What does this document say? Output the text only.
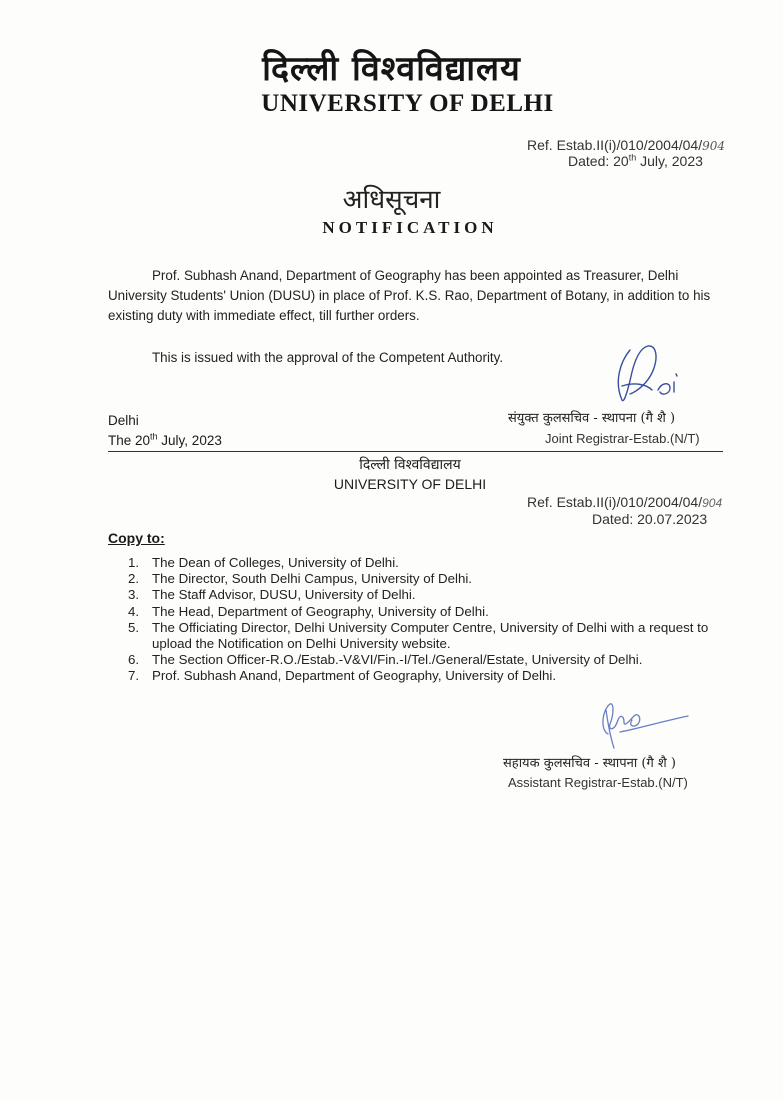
दिल्ली विश्वविद्यालय
UNIVERSITY OF DELHI
Ref. Estab.II(i)/010/2004/04/904
Dated: 20th July, 2023
अधिसूचना
NOTIFICATION

Prof. Subhash Anand, Department of Geography has been appointed as Treasurer, Delhi University Students' Union (DUSU) in place of Prof. K.S. Rao, Department of Botany, in addition to his existing duty with immediate effect, till further orders.

This is issued with the approval of the Competent Authority.

Delhi
The 20th July, 2023
संयुक्त कुलसचिव - स्थापना (गै शै )
Joint Registrar-Estab.(N/T)
दिल्ली विश्वविद्यालय
UNIVERSITY OF DELHI
Ref. Estab.II(i)/010/2004/04/904
Dated: 20.07.2023
Copy to:
1. The Dean of Colleges, University of Delhi.
2. The Director, South Delhi Campus, University of Delhi.
3. The Staff Advisor, DUSU, University of Delhi.
4. The Head, Department of Geography, University of Delhi.
5. The Officiating Director, Delhi University Computer Centre, University of Delhi with a request to upload the Notification on Delhi University website.
6. The Section Officer-R.O./Estab.-V&VI/Fin.-I/Tel./General/Estate, University of Delhi.
7. Prof. Subhash Anand, Department of Geography, University of Delhi.
सहायक कुलसचिव - स्थापना (गै शै )
Assistant Registrar-Estab.(N/T)
